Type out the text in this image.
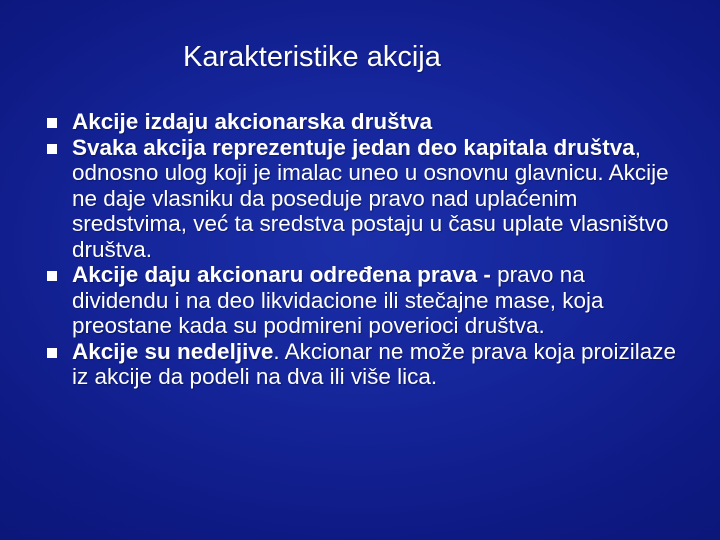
Karakteristike akcija
Akcije izdaju akcionarska društva
Svaka akcija reprezentuje jedan deo kapitala društva, odnosno ulog koji je imalac uneo u osnovnu glavnicu. Akcije ne daje vlasniku da poseduje pravo nad uplaćenim sredstvima, već ta sredstva postaju u času uplate vlasništvo društva.
Akcije daju akcionaru određena prava - pravo na dividendu i na deo likvidacione ili stečajne mase, koja preostane kada su podmireni poverioci društva.
Akcije su nedeljive. Akcionar ne može prava koja proizilaze iz akcije da podeli na dva ili više lica.
